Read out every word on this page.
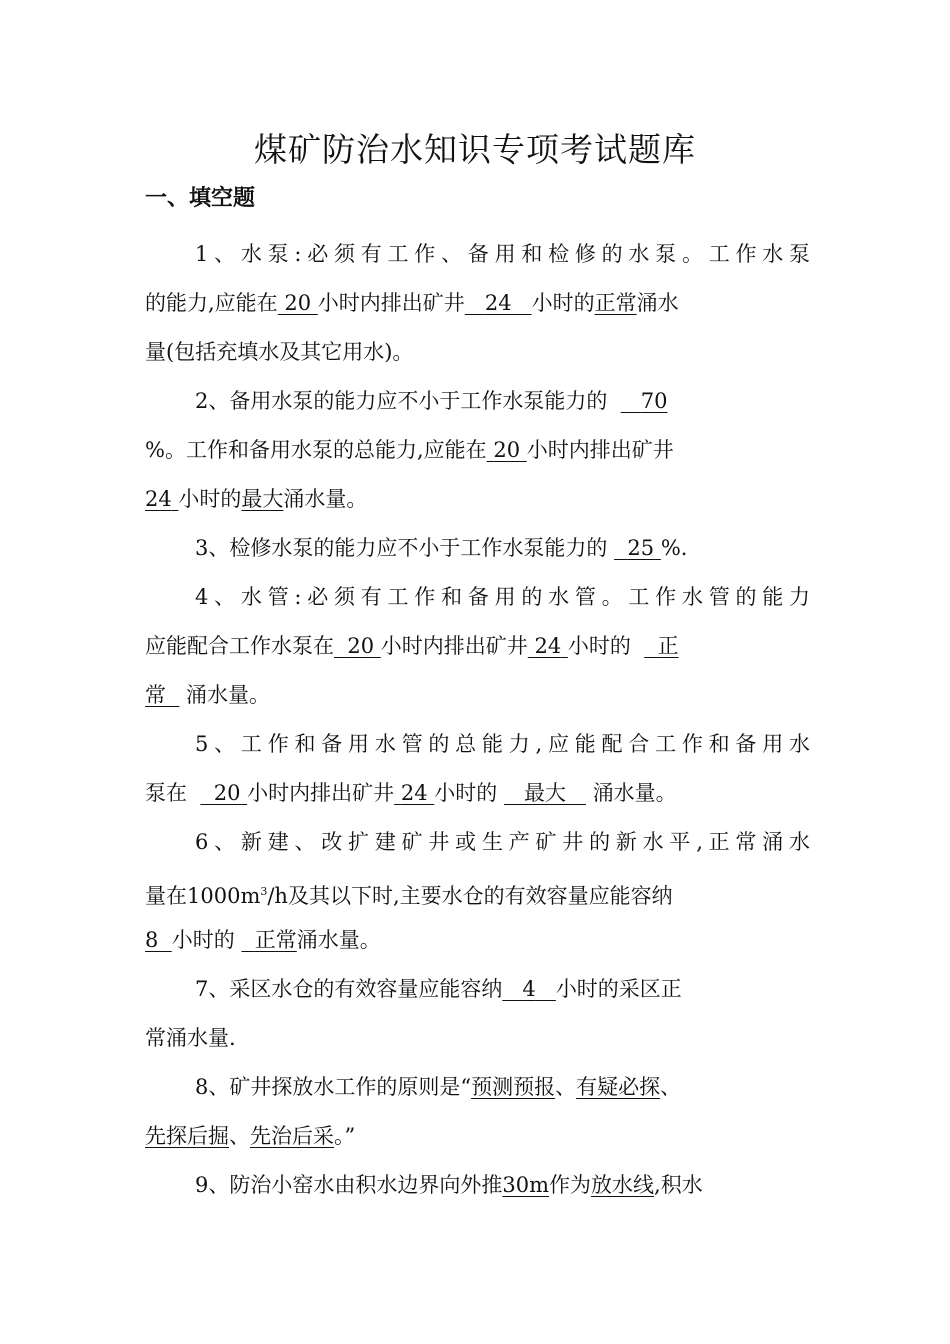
煤矿防治水知识专项考试题库
一、填空题
1、水泵:必须有工作、备用和检修的水泵。工作水泵
的能力,应能在 20 小时内排出矿井 24 小时的正常涌水
量(包括充填水及其它用水)。
2、备用水泵的能力应不小于工作水泵能力的 70
%。工作和备用水泵的总能力,应能在 20 小时内排出矿井
24 小时的最大涌水量。
3、检修水泵的能力应不小于工作水泵能力的 25 %.
4、水管:必须有工作和备用的水管。工作水管的能力
应能配合工作水泵在 20 小时内排出矿井 24 小时的 正
常 涌水量。
5、工作和备用水管的总能力,应能配合工作和备用水
泵在 20 小时内排出矿井 24 小时的 最大 涌水量。
6、新建、改扩建矿井或生产矿井的新水平,正常涌水
量在$1000m^3/h$及其以下时,主要水仓的有效容量应能容纳
8 小时的 正常涌水量。
7、采区水仓的有效容量应能容纳 4 小时的采区正
常涌水量.
8、矿井探放水工作的原则是“预测预报、有疑必探、
先探后掘、先治后采。”
9、防治小窑水由积水边界向外推30m作为放水线,积水
